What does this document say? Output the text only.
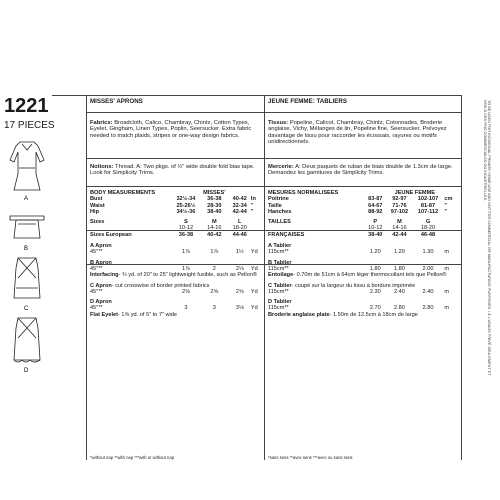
1221
17 PIECES
A
B
C
D
MISSES' APRONS
Fabrics: Broadcloth, Calico, Chambray, Chintz, Cotton Types, Eyelet, Gingham, Linen Types, Poplin, Seersucker. Extra fabric needed to match plaids, stripes or one-way design fabrics.
Notions: Thread. A: Two pkgs. of ½" wide double fold bias tape. Look for Simplicity Trims.
BODY MEASUREMENTS		MISSES'		
Bust	32½-34	36-38	40-42	In
Waist	25-26½	28-30	32-34	"
Hip	34½-36	38-40	42-44	"

Sizes	S	M	L	
	10-12	14-16	18-20	
Sizes European	36-38	40-42	44-46	

A Apron				
45"**	1⅞	1⅞	1½	Yd

B Apron				
45"**	1⅞	2	2⅛	Yd
Interfacing- ¾ yd. of 20" to 25" lightweight fusible, such as Pellon®				

C Apron- cut crosswise of border printed fabrics				
45"**	2⅝	2⅝	2⅝	Yd

D Apron				
45"**	3	3	3⅛	Yd
Flat Eyelet- 1⅝ yd. of 5" to 7" wide				
*without nap **with nap ***with or without nap
JEUNE FEMME: TABLIERS
Tissus: Popeline, Calicot, Chambray, Chintz, Cotonnades, Broderie anglaise, Vichy, Mélanges de lin, Popeline fine, Seersucker. Prévoyez davantage de tissu pour raccorder les écossais, rayures ou motifs unidirectionnels.
Mercerie: A: Deux paquets de ruban de biais double de 1.3cm de large. Demandez les garnitures de Simplicity Trims.
MESURES NORMALISEES		JEUNE FEMME		
Poitrine	83-87	92-97	102-107	cm
Taille	64-67	71-76	81-87	"
Hanches	88-92	97-102	107-112	"

TAILLES	P	M	G	
	10-12	14-16	18-20	
FRANÇAISES	38-40	42-44	46-48	

A Tablier				
115cm**	1.20	1.20	1.30	m

B Tablier				
115cm**	1.80	1.80	2.00	m
Entoilage- 0.70m de 51cm à 64cm léger thermocollant tels que Pellon®				

C Tablier- coupé sur la largeur du tissu à bordure imprimée				
115cm**	2.30	2.40	2.40	m

D Tablier				
115cm**	2.70	2.80	2.80	m
Broderie anglaise plate- 1.50m de 12.5cm à 18cm de large				
*sans sens **avec sens ***avec ou sans sens
TO BE USED FOR INDIVIDUAL PRIVATE HOME USE AND NOT FOR COMMERCIAL OR MANUFACTURING PURPOSES. / À L'USAGE PRIVÉ SEULEMENT ET NON À DES FINS COMMERCIALES OU INDUSTRIELLES.
